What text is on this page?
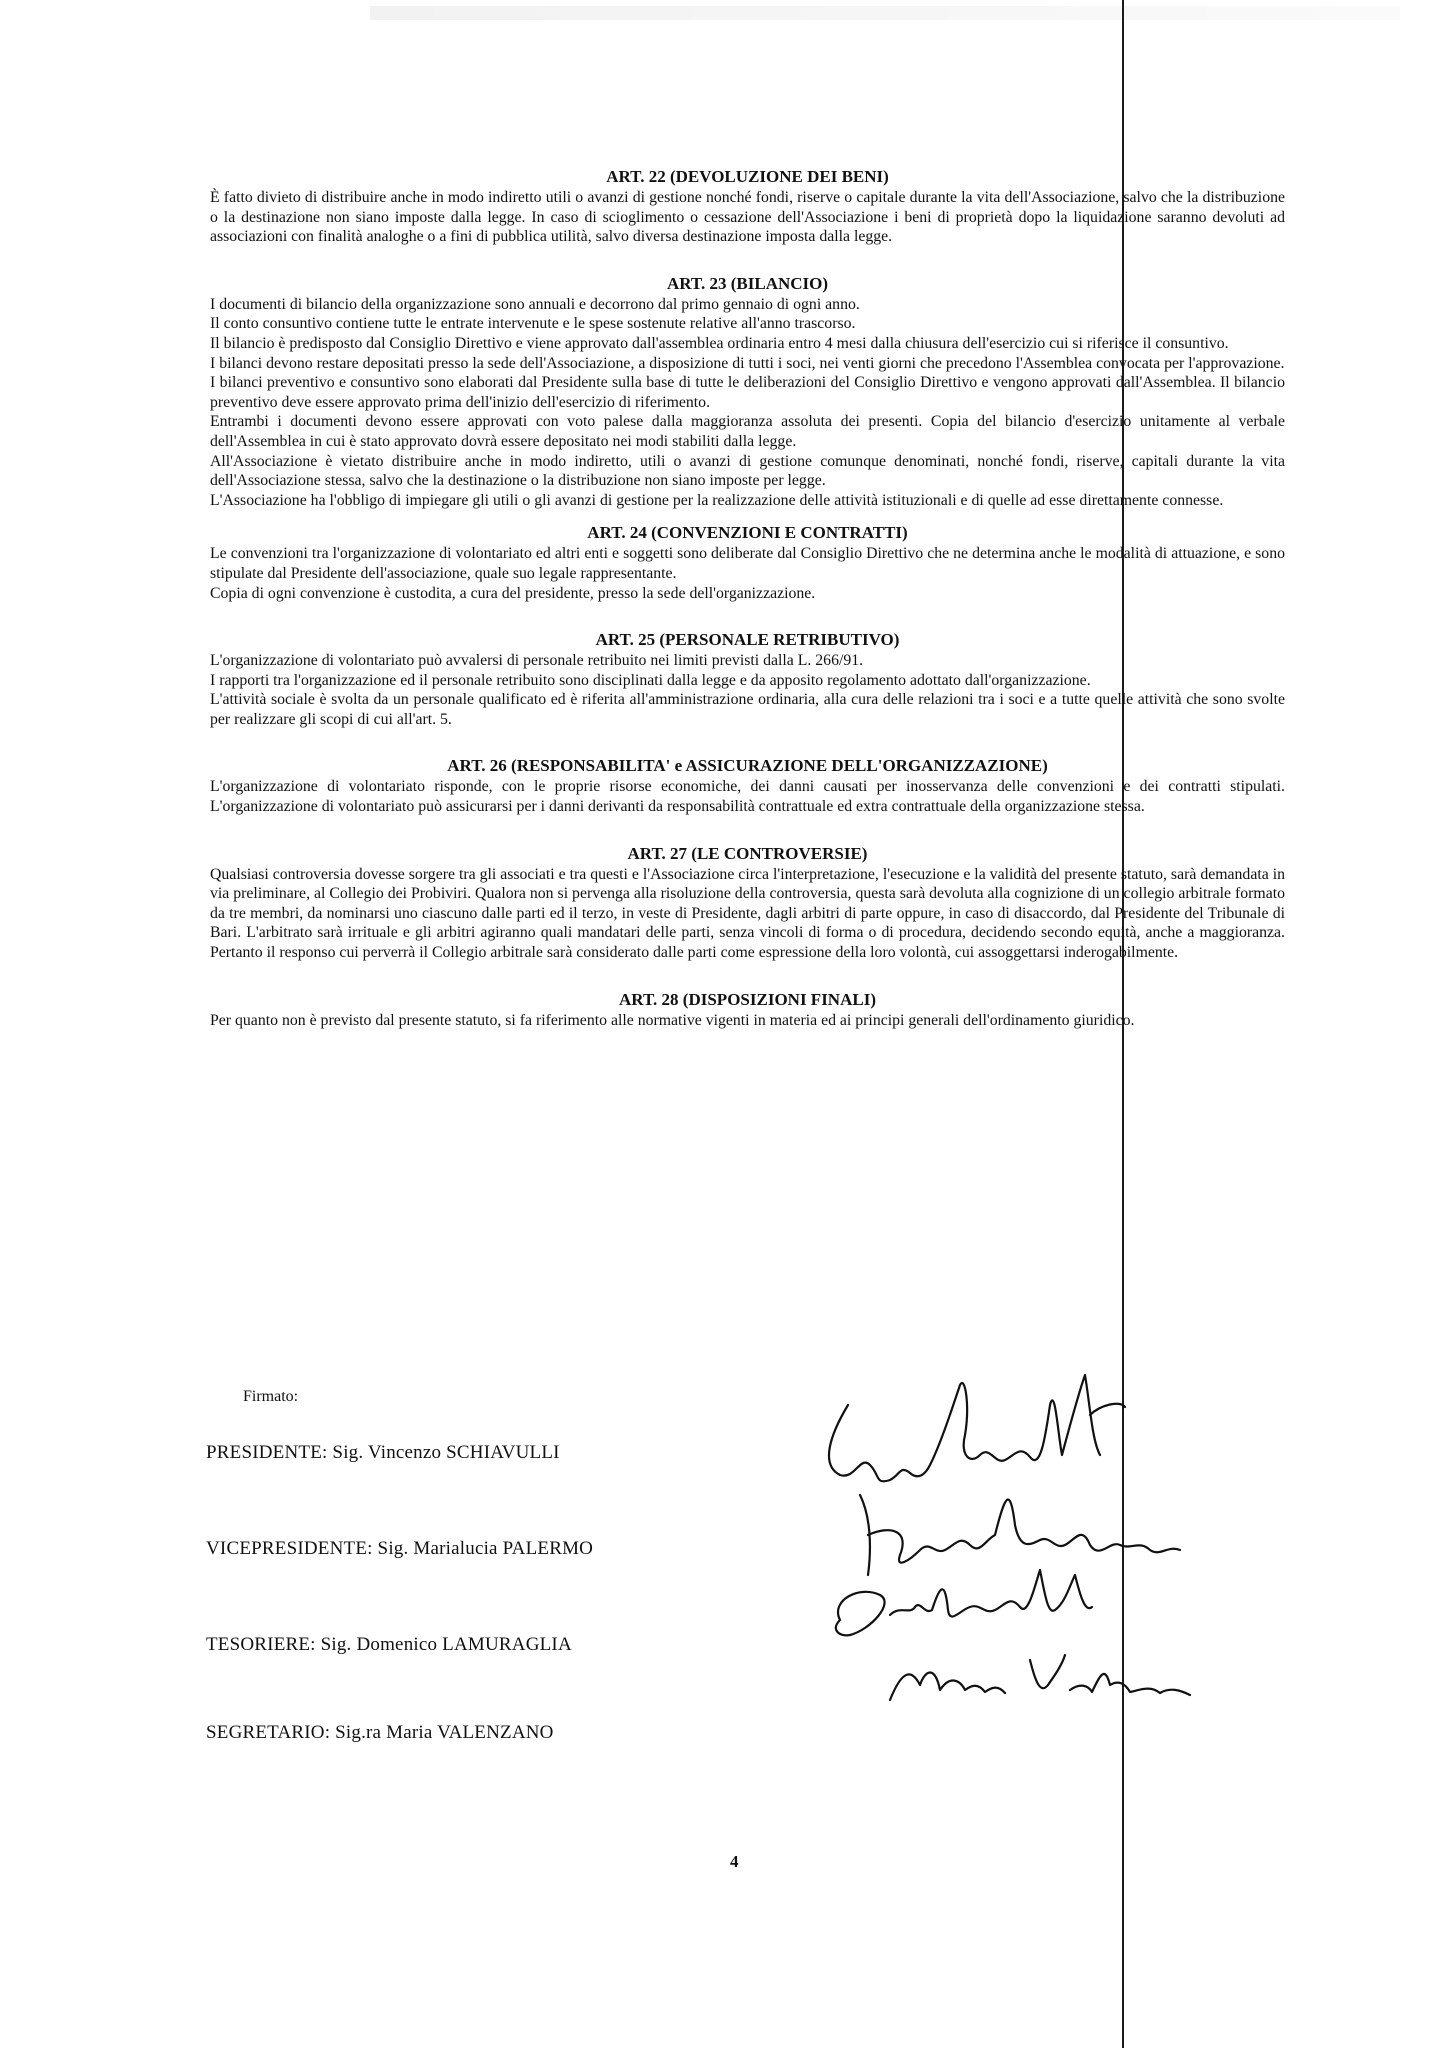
ART. 22 (DEVOLUZIONE DEI BENI)

È fatto divieto di distribuire anche in modo indiretto utili o avanzi di gestione nonché fondi, riserve o capitale durante la vita dell'Associazione, salvo che la distribuzione o la destinazione non siano imposte dalla legge. In caso di scioglimento o cessazione dell'Associazione i beni di proprietà dopo la liquidazione saranno devoluti ad associazioni con finalità analoghe o a fini di pubblica utilità, salvo diversa destinazione imposta dalla legge.

ART. 23 (BILANCIO)

I documenti di bilancio della organizzazione sono annuali e decorrono dal primo gennaio di ogni anno.

Il conto consuntivo contiene tutte le entrate intervenute e le spese sostenute relative all'anno trascorso.

Il bilancio è predisposto dal Consiglio Direttivo e viene approvato dall'assemblea ordinaria entro 4 mesi dalla chiusura dell'esercizio cui si riferisce il consuntivo.

I bilanci devono restare depositati presso la sede dell'Associazione, a disposizione di tutti i soci, nei venti giorni che precedono l'Assemblea convocata per l'approvazione.

I bilanci preventivo e consuntivo sono elaborati dal Presidente sulla base di tutte le deliberazioni del Consiglio Direttivo e vengono approvati dall'Assemblea. Il bilancio preventivo deve essere approvato prima dell'inizio dell'esercizio di riferimento.

Entrambi i documenti devono essere approvati con voto palese dalla maggioranza assoluta dei presenti. Copia del bilancio d'esercizio unitamente al verbale dell'Assemblea in cui è stato approvato dovrà essere depositato nei modi stabiliti dalla legge.

All'Associazione è vietato distribuire anche in modo indiretto, utili o avanzi di gestione comunque denominati, nonché fondi, riserve, capitali durante la vita dell'Associazione stessa, salvo che la destinazione o la distribuzione non siano imposte per legge.

L'Associazione ha l'obbligo di impiegare gli utili o gli avanzi di gestione per la realizzazione delle attività istituzionali e di quelle ad esse direttamente connesse.

ART. 24 (CONVENZIONI E CONTRATTI)

Le convenzioni tra l'organizzazione di volontariato ed altri enti e soggetti sono deliberate dal Consiglio Direttivo che ne determina anche le modalità di attuazione, e sono stipulate dal Presidente dell'associazione, quale suo legale rappresentante.

Copia di ogni convenzione è custodita, a cura del presidente, presso la sede dell'organizzazione.

ART. 25 (PERSONALE RETRIBUTIVO)

L'organizzazione di volontariato può avvalersi di personale retribuito nei limiti previsti dalla L. 266/91.

I rapporti tra l'organizzazione ed il personale retribuito sono disciplinati dalla legge e da apposito regolamento adottato dall'organizzazione.

L'attività sociale è svolta da un personale qualificato ed è riferita all'amministrazione ordinaria, alla cura delle relazioni tra i soci e a tutte quelle attività che sono svolte per realizzare gli scopi di cui all'art. 5.

ART. 26 (RESPONSABILITA' e ASSICURAZIONE DELL'ORGANIZZAZIONE)

L'organizzazione di volontariato risponde, con le proprie risorse economiche, dei danni causati per inosservanza delle convenzioni e dei contratti stipulati. L'organizzazione di volontariato può assicurarsi per i danni derivanti da responsabilità contrattuale ed extra contrattuale della organizzazione stessa.

ART. 27 (LE CONTROVERSIE)

Qualsiasi controversia dovesse sorgere tra gli associati e tra questi e l'Associazione circa l'interpretazione, l'esecuzione e la validità del presente statuto, sarà demandata in via preliminare, al Collegio dei Probiviri. Qualora non si pervenga alla risoluzione della controversia, questa sarà devoluta alla cognizione di un collegio arbitrale formato da tre membri, da nominarsi uno ciascuno dalle parti ed il terzo, in veste di Presidente, dagli arbitri di parte oppure, in caso di disaccordo, dal Presidente del Tribunale di Bari. L'arbitrato sarà irrituale e gli arbitri agiranno quali mandatari delle parti, senza vincoli di forma o di procedura, decidendo secondo equità, anche a maggioranza. Pertanto il responso cui perverrà il Collegio arbitrale sarà considerato dalle parti come espressione della loro volontà, cui assoggettarsi inderogabilmente.

ART. 28 (DISPOSIZIONI FINALI)

Per quanto non è previsto dal presente statuto, si fa riferimento alle normative vigenti in materia ed ai principi generali dell'ordinamento giuridico.

Firmato:
PRESIDENTE: Sig. Vincenzo SCHIAVULLI
VICEPRESIDENTE: Sig. Marialucia PALERMO
TESORIERE: Sig. Domenico LAMURAGLIA
SEGRETARIO: Sig.ra Maria VALENZANO
4
